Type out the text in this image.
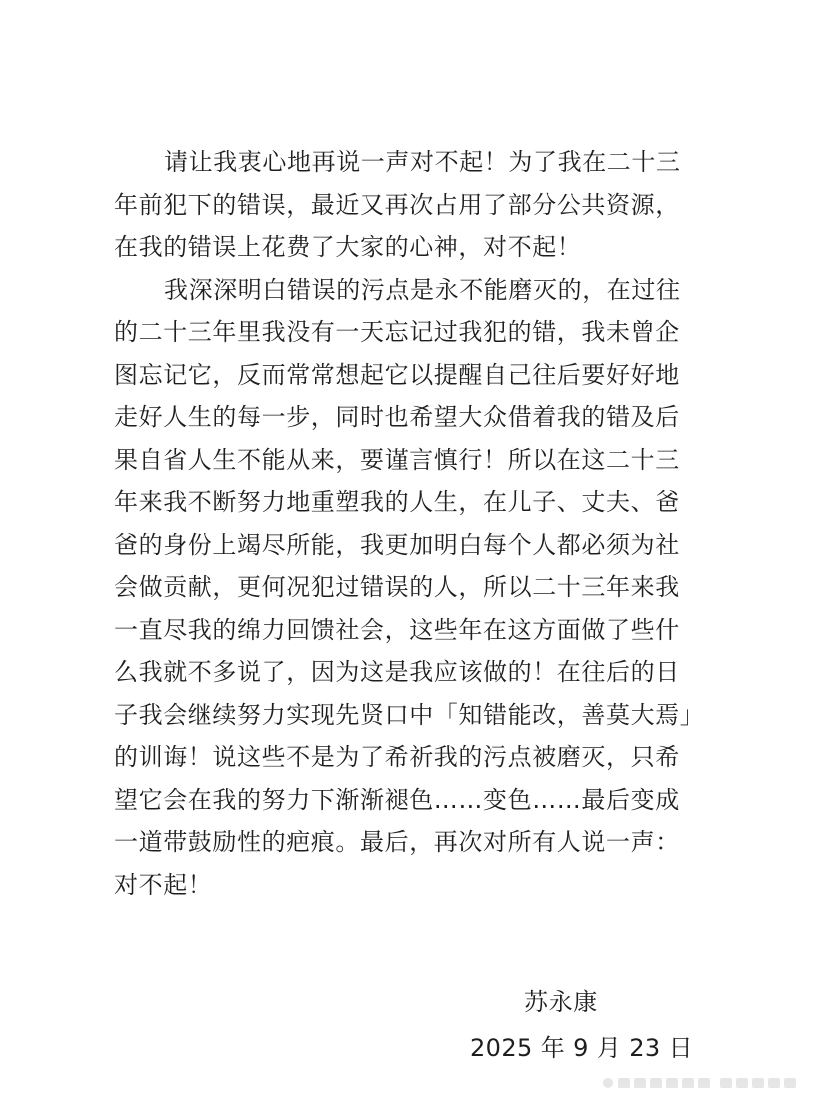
请让我衷心地再说一声对不起！为了我在二十三
年前犯下的错误，最近又再次占用了部分公共资源，
在我的错误上花费了大家的心神，对不起！
我深深明白错误的污点是永不能磨灭的，在过往
的二十三年里我没有一天忘记过我犯的错，我未曾企
图忘记它，反而常常想起它以提醒自己往后要好好地
走好人生的每一步，同时也希望大众借着我的错及后
果自省人生不能从来，要谨言慎行！所以在这二十三
年来我不断努力地重塑我的人生，在儿子、丈夫、爸
爸的身份上竭尽所能，我更加明白每个人都必须为社
会做贡献，更何况犯过错误的人，所以二十三年来我
一直尽我的绵力回馈社会，这些年在这方面做了些什
么我就不多说了，因为这是我应该做的！在往后的日
子我会继续努力实现先贤口中「知错能改，善莫大焉」
的训诲！说这些不是为了希祈我的污点被磨灭，只希
望它会在我的努力下渐渐褪色……变色……最后变成
一道带鼓励性的疤痕。最后，再次对所有人说一声：
对不起！
苏永康
2025 年 9 月 23 日
